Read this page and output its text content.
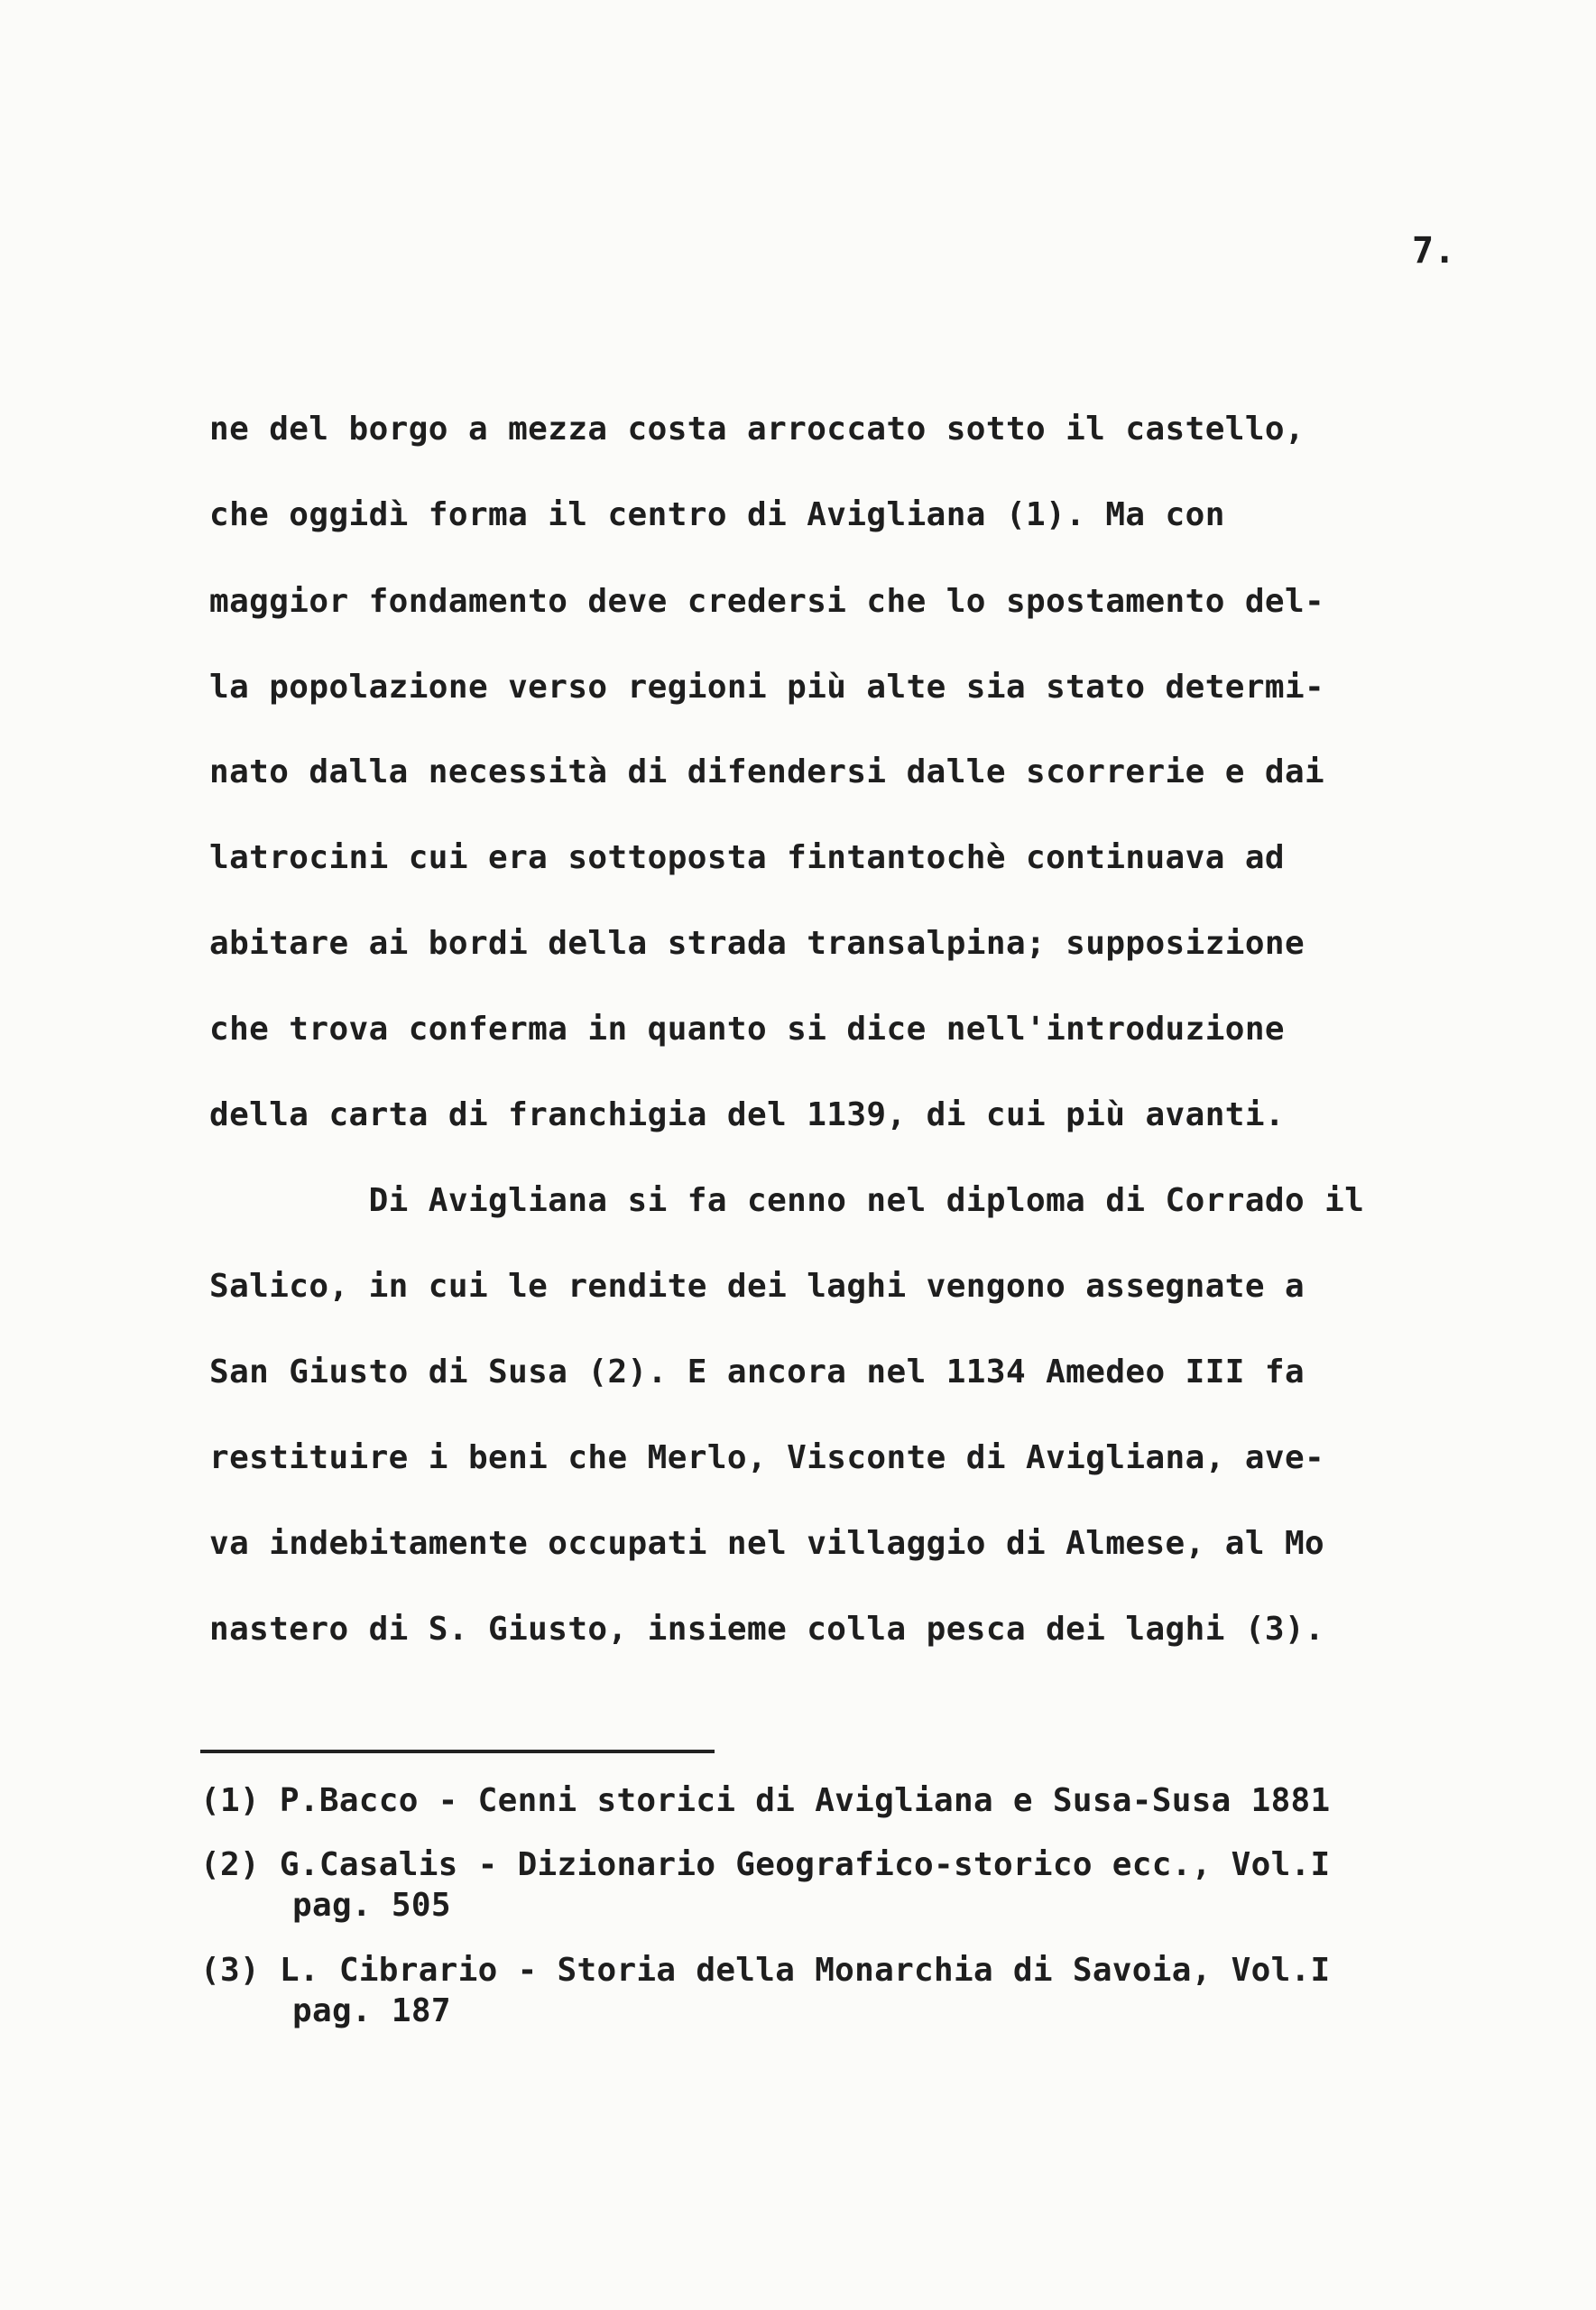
7.
ne del borgo a mezza costa arroccato sotto il castello,
che oggidì forma il centro di Avigliana (1). Ma con
maggior fondamento deve credersi che lo spostamento del-
la popolazione verso regioni più alte sia stato determi-
nato dalla necessità di difendersi dalle scorrerie e dai
latrocini cui era sottoposta fintantochè continuava ad
abitare ai bordi della strada transalpina; supposizione
che trova conferma in quanto si dice nell'introduzione
della carta di franchigia del 1139, di cui più avanti.
Di Avigliana si fa cenno nel diploma di Corrado il
Salico, in cui le rendite dei laghi vengono assegnate a
San Giusto di Susa (2). E ancora nel 1134 Amedeo III fa
restituire i beni che Merlo, Visconte di Avigliana, ave-
va indebitamente occupati nel villaggio di Almese, al Mo
nastero di S. Giusto, insieme colla pesca dei laghi (3).
(1) P.Bacco - Cenni storici di Avigliana e Susa-Susa 1881
(2) G.Casalis - Dizionario Geografico-storico ecc., Vol.I
pag. 505
(3) L. Cibrario - Storia della Monarchia di Savoia, Vol.I
pag. 187
